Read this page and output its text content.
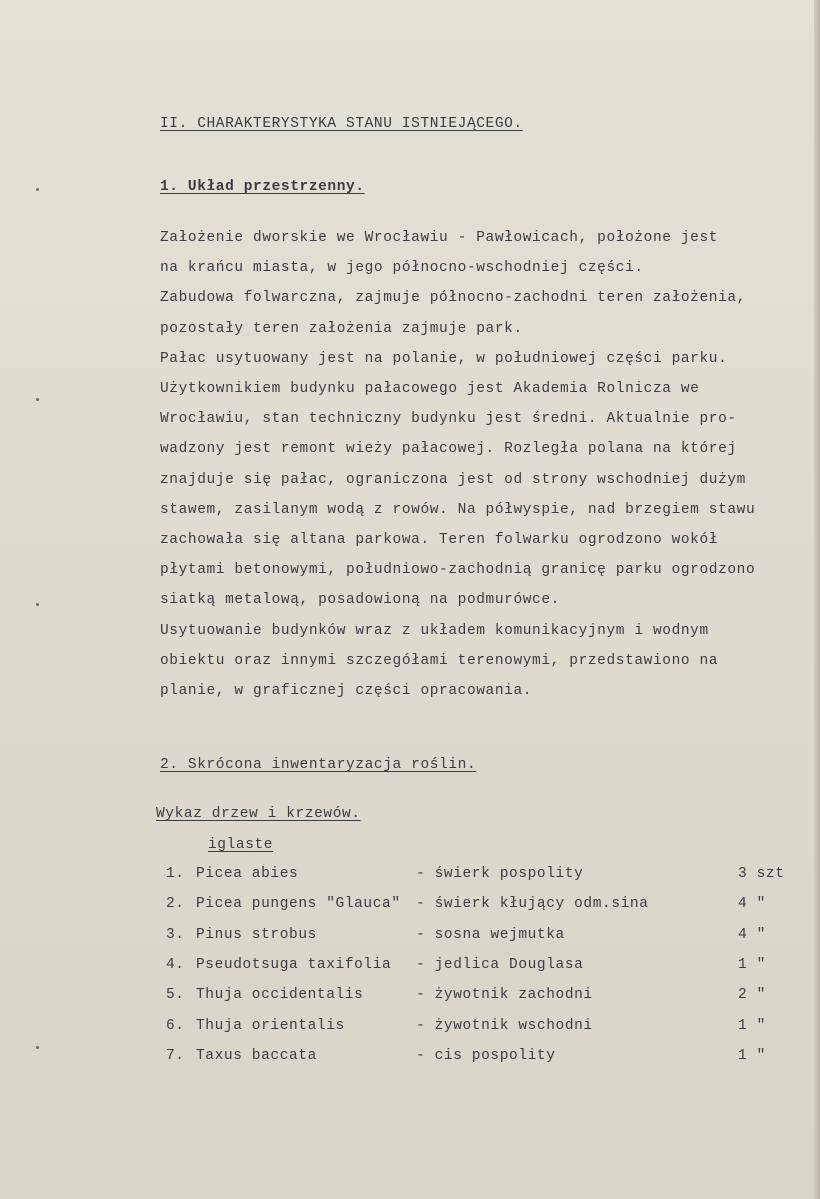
II. CHARAKTERYSTYKA STANU ISTNIEJĄCEGO.
1. Układ przestrzenny.
Założenie dworskie we Wrocławiu - Pawłowicach, położone jest
na krańcu miasta, w jego północno-wschodniej części.
Zabudowa folwarczna, zajmuje północno-zachodni teren założenia,
pozostały teren założenia zajmuje park.
Pałac usytuowany jest na polanie, w południowej części parku.
Użytkownikiem budynku pałacowego jest Akademia Rolnicza we
Wrocławiu, stan techniczny budynku jest średni. Aktualnie pro-
wadzony jest remont wieży pałacowej. Rozległa polana na której
znajduje się pałac, ograniczona jest od strony wschodniej dużym
stawem, zasilanym wodą z rowów. Na półwyspie, nad brzegiem stawu
zachowała się altana parkowa. Teren folwarku ogrodzono wokół
płytami betonowymi, południowo-zachodnią granicę parku ogrodzono
siatką metalową, posadowioną na podmurówce.
Usytuowanie budynków wraz z układem komunikacyjnym i wodnym
obiektu oraz innymi szczegółami terenowymi, przedstawiono na
planie, w graficznej części opracowania.
2. Skrócona inwentaryzacja roślin.
Wykaz drzew i krzewów.
iglaste
1. Picea abies	- świerk pospolity	3 szt
2. Picea pungens "Glauca" - świerk kłujący odm.sina	4 "
3. Pinus strobus	- sosna wejmutka	4 "
4. Pseudotsuga taxifolia - jedlica Douglasa	1 "
5. Thuja occidentalis	- żywotnik zachodni	2 "
6. Thuja orientalis	- żywotnik wschodni	1 "
7. Taxus baccata	- cis pospolity	1 "
